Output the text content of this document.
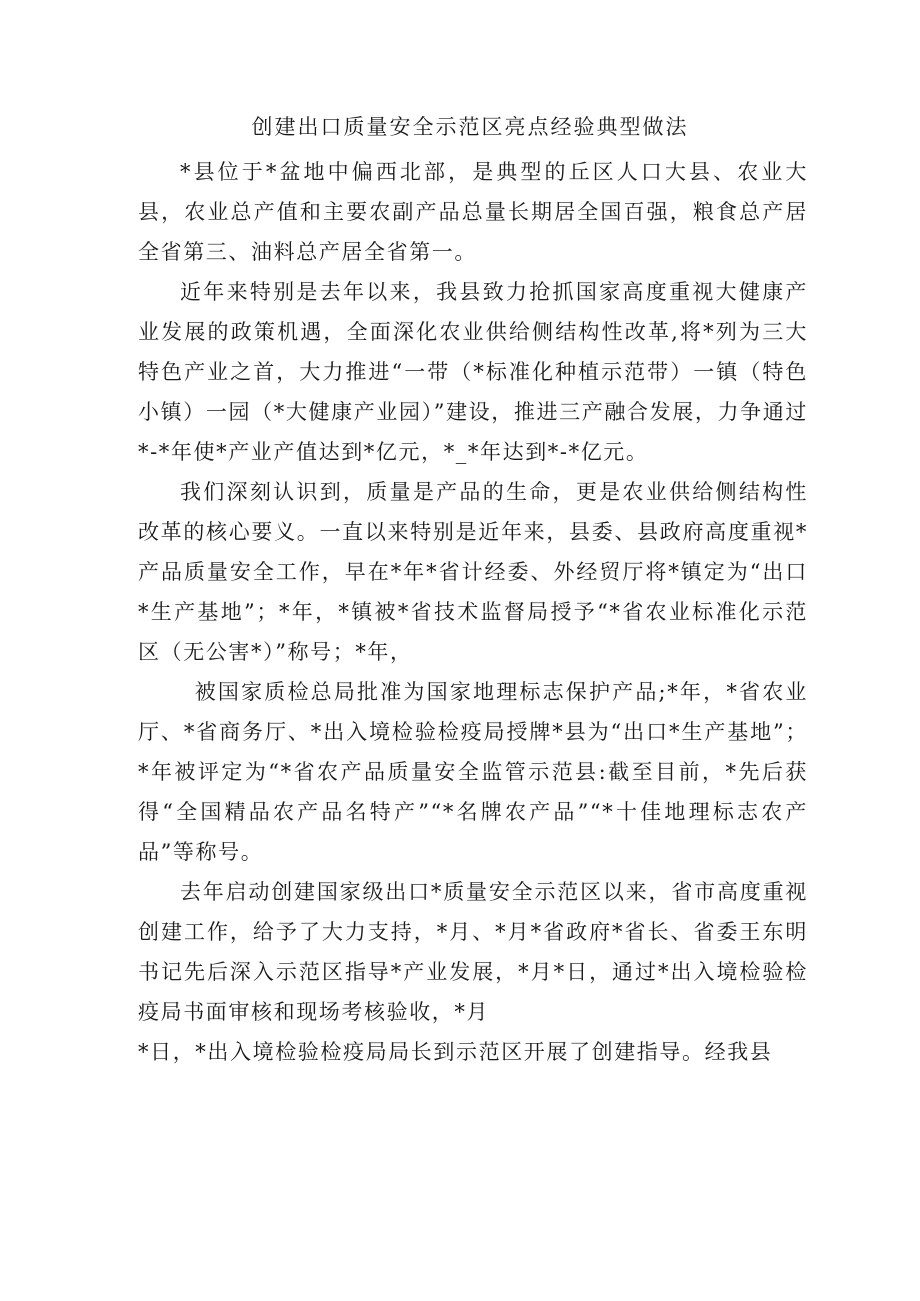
创建出口质量安全示范区亮点经验典型做法

*县位于*盆地中偏西北部，是典型的丘区人口大县、农业大县，农业总产值和主要农副产品总量长期居全国百强，粮食总产居全省第三、油料总产居全省第一。

近年来特别是去年以来，我县致力抢抓国家高度重视大健康产业发展的政策机遇，全面深化农业供给侧结构性改革,将*列为三大特色产业之首，大力推进“一带（*标准化种植示范带）一镇（特色小镇）一园（*大健康产业园）”建设，推进三产融合发展，力争通过*-*年使*产业产值达到*亿元，*_*年达到*-*亿元。

我们深刻认识到，质量是产品的生命，更是农业供给侧结构性改革的核心要义。一直以来特别是近年来，县委、县政府高度重视*产品质量安全工作，早在*年*省计经委、外经贸厅将*镇定为“出口*生产基地”；*年，*镇被*省技术监督局授予“*省农业标准化示范区（无公害*）”称号；*年，

被国家质检总局批准为国家地理标志保护产品;*年，*省农业厅、*省商务厅、*出入境检验检疫局授牌*县为“出口*生产基地”；*年被评定为“*省农产品质量安全监管示范县:截至目前，*先后获得“全国精品农产品名特产”“*名牌农产品”“*十佳地理标志农产品”等称号。

去年启动创建国家级出口*质量安全示范区以来，省市高度重视创建工作，给予了大力支持，*月、*月*省政府*省长、省委王东明书记先后深入示范区指导*产业发展，*月*日，通过*出入境检验检疫局书面审核和现场考核验收，*月

*日，*出入境检验检疫局局长到示范区开展了创建指导。经我县
